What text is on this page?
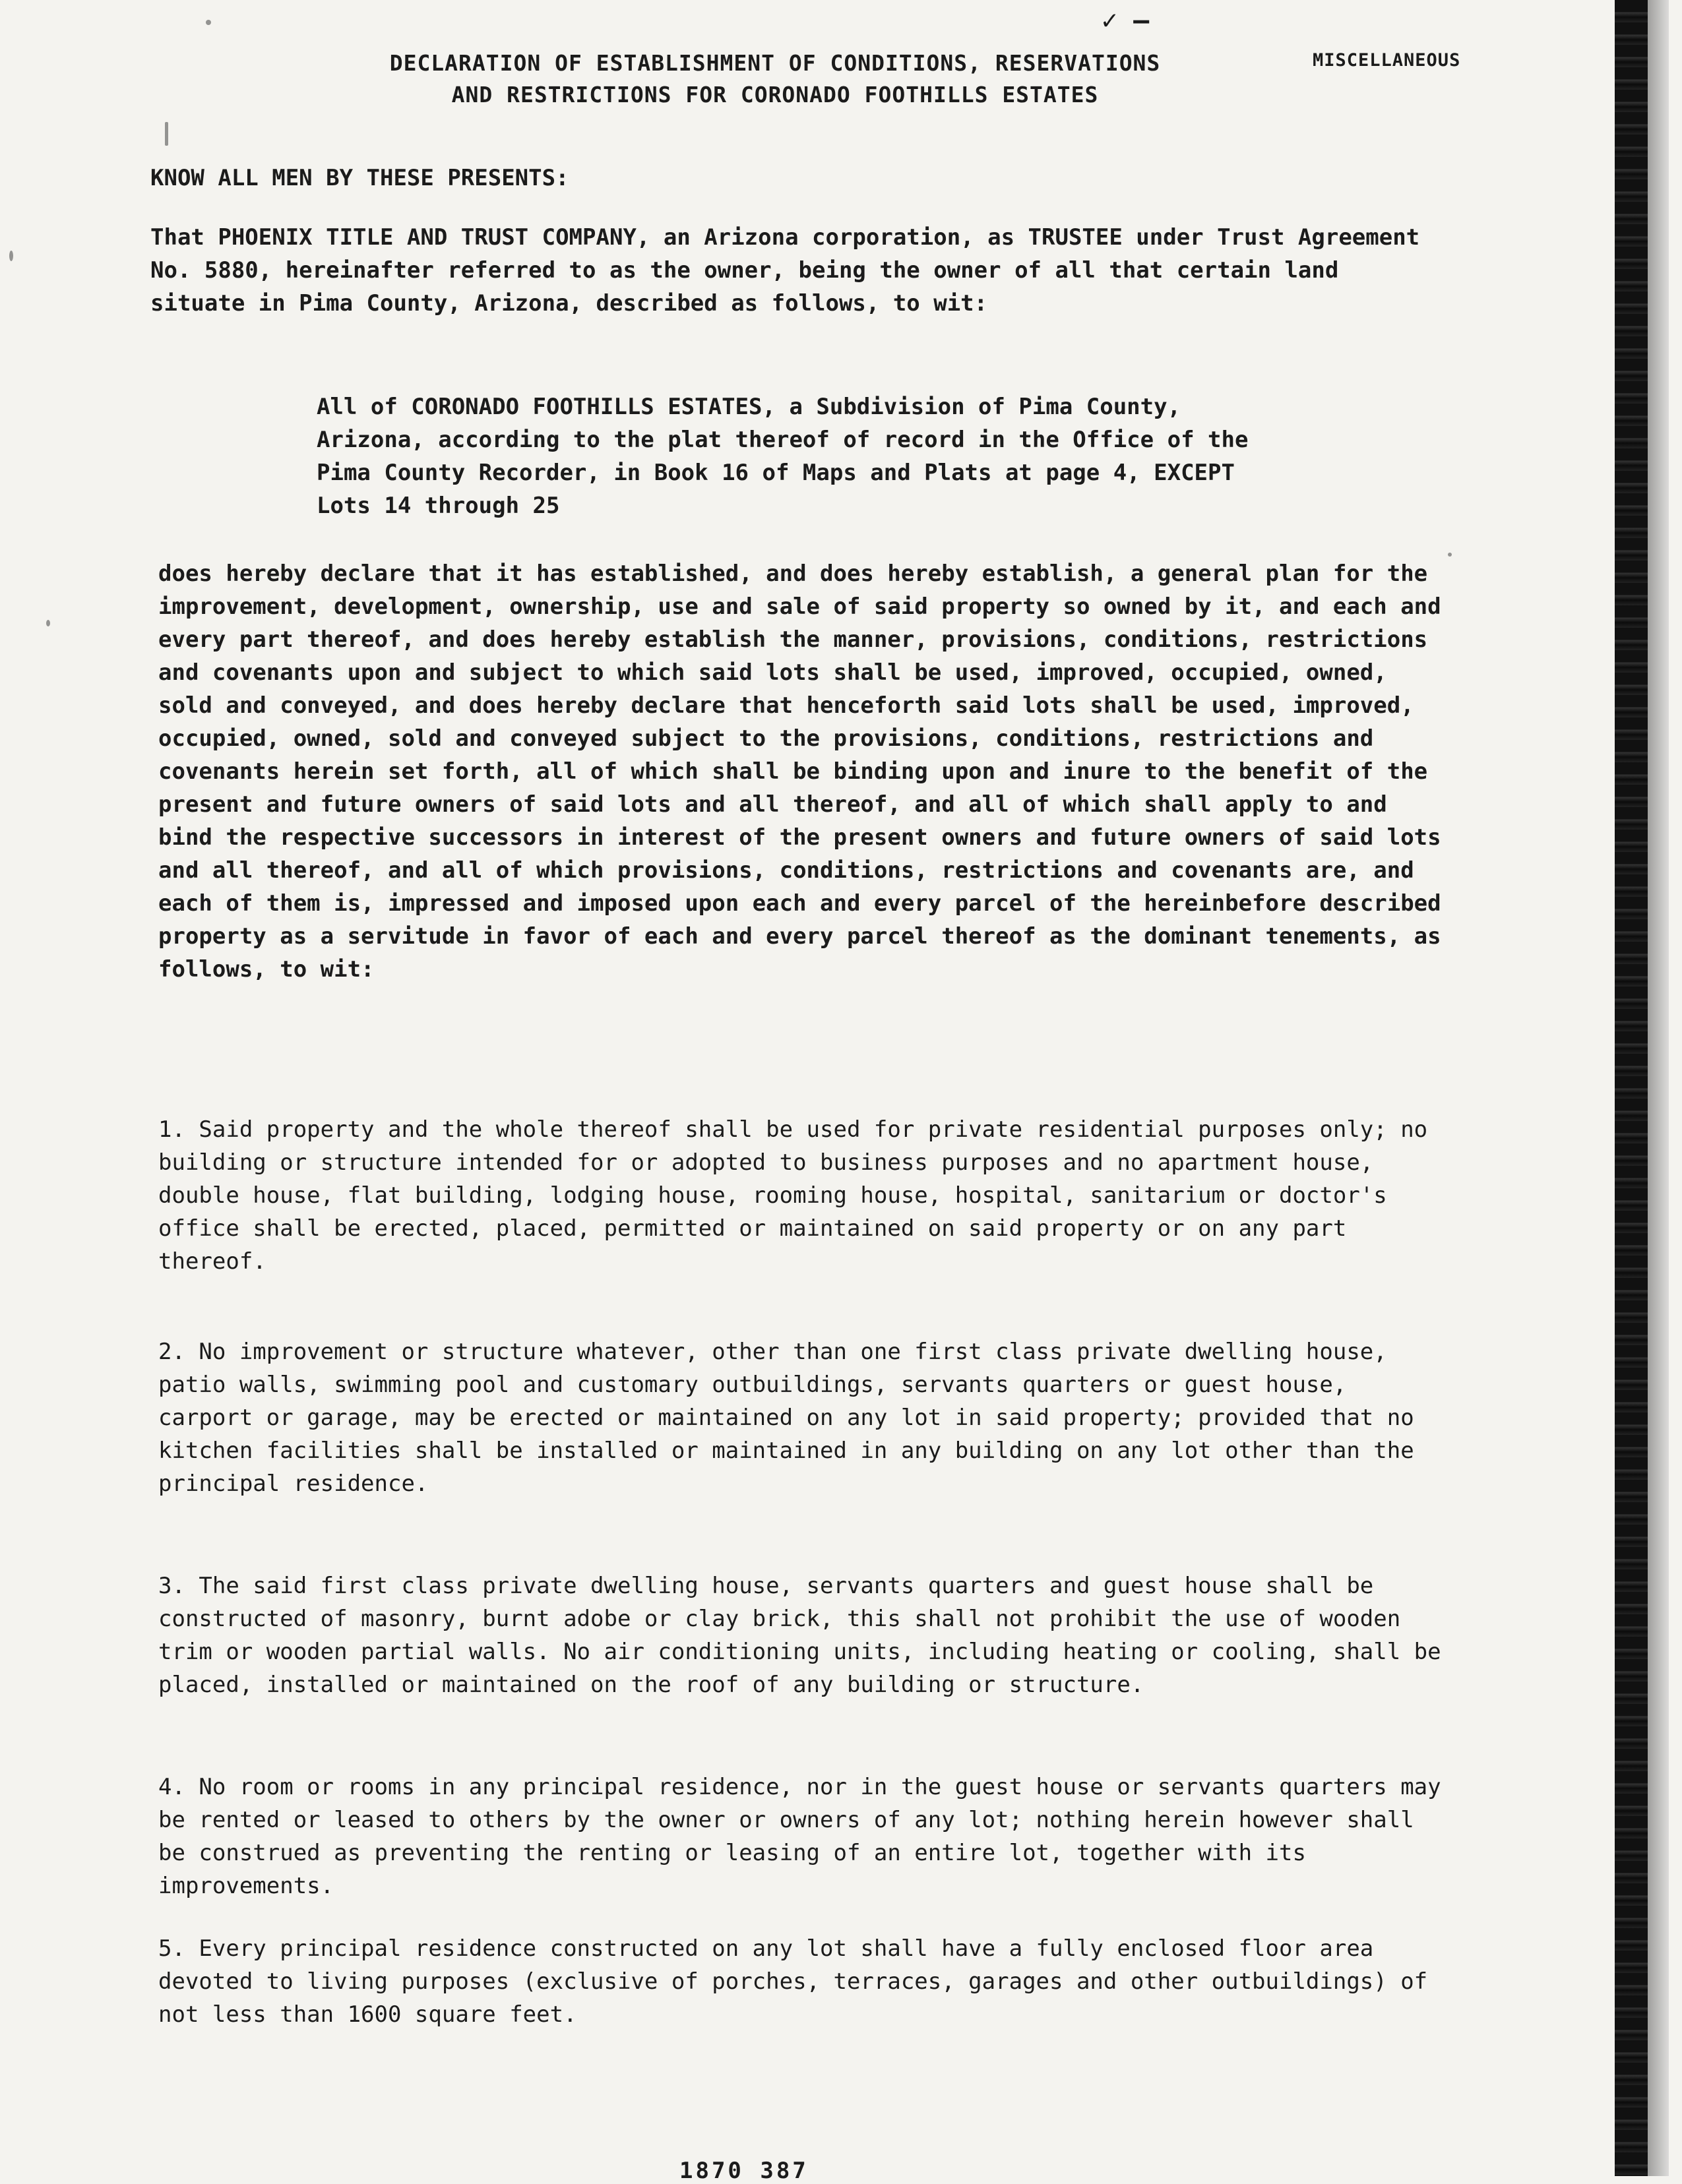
✓ —
DECLARATION OF ESTABLISHMENT OF CONDITIONS, RESERVATIONS
AND RESTRICTIONS FOR CORONADO FOOTHILLS ESTATES
MISCELLANEOUS
KNOW ALL MEN BY THESE PRESENTS:

That PHOENIX TITLE AND TRUST COMPANY, an Arizona corporation, as TRUSTEE under Trust Agreement No. 5880, hereinafter referred to as the owner, being the owner of all that certain land situate in Pima County, Arizona, described as follows, to wit:

All of CORONADO FOOTHILLS ESTATES, a Subdivision of Pima County, Arizona, according to the plat thereof of record in the Office of the Pima County Recorder, in Book 16 of Maps and Plats at page 4, EXCEPT Lots 14 through 25

does hereby declare that it has established, and does hereby establish, a general plan for the improvement, development, ownership, use and sale of said property so owned by it, and each and every part thereof, and does hereby establish the manner, provisions, conditions, restrictions and covenants upon and subject to which said lots shall be used, improved, occupied, owned, sold and conveyed, and does hereby declare that henceforth said lots shall be used, improved, occupied, owned, sold and conveyed subject to the provisions, conditions, restrictions and covenants herein set forth, all of which shall be binding upon and inure to the benefit of the present and future owners of said lots and all thereof, and all of which shall apply to and bind the respective successors in interest of the present owners and future owners of said lots and all thereof, and all of which provisions, conditions, restrictions and covenants are, and each of them is, impressed and imposed upon each and every parcel of the hereinbefore described property as a servitude in favor of each and every parcel thereof as the dominant tenements, as follows, to wit:

1. Said property and the whole thereof shall be used for private residential purposes only; no building or structure intended for or adopted to business purposes and no apartment house, double house, flat building, lodging house, rooming house, hospital, sanitarium or doctor's office shall be erected, placed, permitted or maintained on said property or on any part thereof.

2. No improvement or structure whatever, other than one first class private dwelling house, patio walls, swimming pool and customary outbuildings, servants quarters or guest house, carport or garage, may be erected or maintained on any lot in said property; provided that no kitchen facilities shall be installed or maintained in any building on any lot other than the principal residence.

3. The said first class private dwelling house, servants quarters and guest house shall be constructed of masonry, burnt adobe or clay brick, this shall not prohibit the use of wooden trim or wooden partial walls. No air conditioning units, including heating or cooling, shall be placed, installed or maintained on the roof of any building or structure.

4. No room or rooms in any principal residence, nor in the guest house or servants quarters may be rented or leased to others by the owner or owners of any lot; nothing herein however shall be construed as preventing the renting or leasing of an entire lot, together with its improvements.

5. Every principal residence constructed on any lot shall have a fully enclosed floor area devoted to living purposes (exclusive of porches, terraces, garages and other outbuildings) of not less than 1600 square feet.

1870 387
